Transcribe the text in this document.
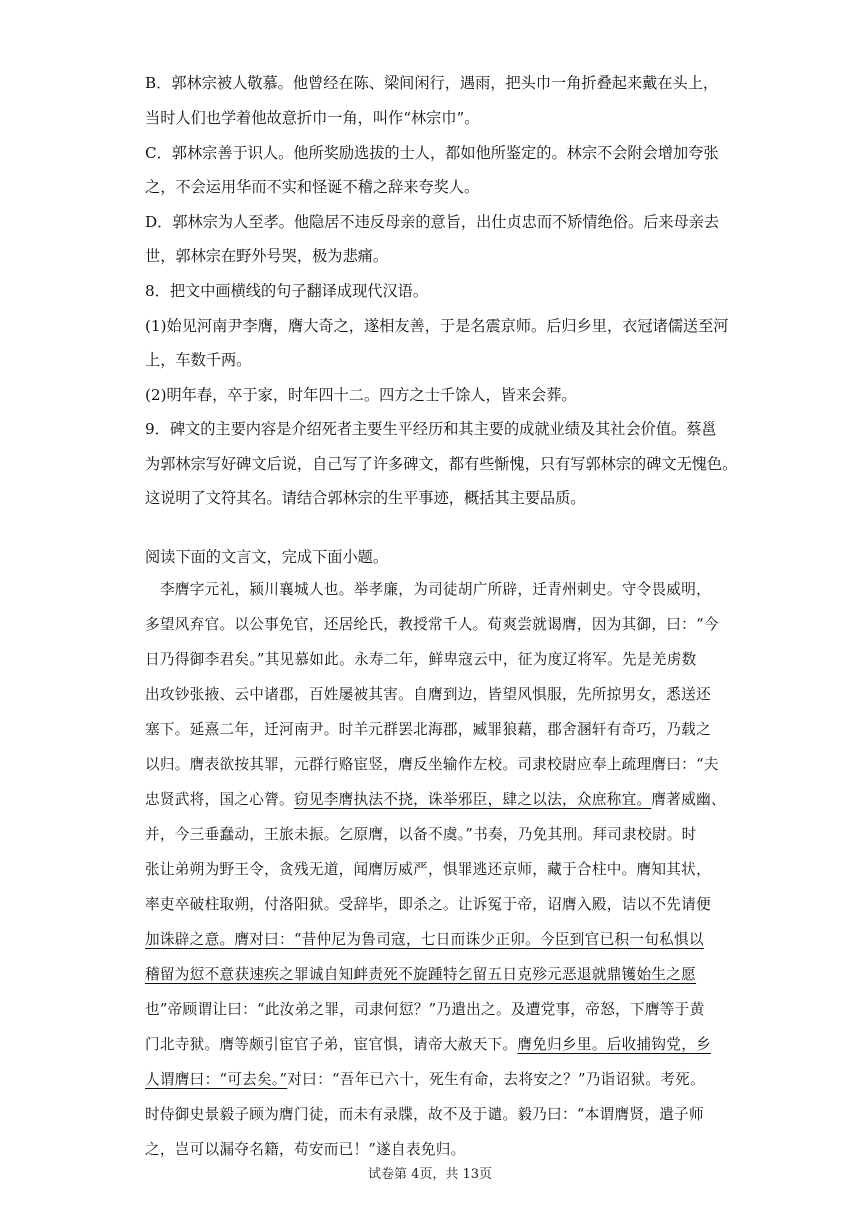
B．郭林宗被人敬慕。他曾经在陈、梁间闲行，遇雨，把头巾一角折叠起来戴在头上，
当时人们也学着他故意折巾一角，叫作“林宗巾”。
C．郭林宗善于识人。他所奖励选拔的士人，都如他所鉴定的。林宗不会附会增加夸张
之，不会运用华而不实和怪诞不稽之辞来夸奖人。
D．郭林宗为人至孝。他隐居不违反母亲的意旨，出仕贞忠而不矫情绝俗。后来母亲去
世，郭林宗在野外号哭，极为悲痛。
8．把文中画横线的句子翻译成现代汉语。
(1)始见河南尹李膺，膺大奇之，遂相友善，于是名震京师。后归乡里，衣冠诸儒送至河
上，车数千两。
(2)明年春，卒于家，时年四十二。四方之士千馀人，皆来会葬。
9．碑文的主要内容是介绍死者主要生平经历和其主要的成就业绩及其社会价值。蔡邕
为郭林宗写好碑文后说，自己写了许多碑文，都有些惭愧，只有写郭林宗的碑文无愧色。
这说明了文符其名。请结合郭林宗的生平事迹，概括其主要品质。
阅读下面的文言文，完成下面小题。
李膺字元礼，颍川襄城人也。举孝廉，为司徒胡广所辟，迁青州刺史。守令畏威明，
多望风弃官。以公事免官，还居纶氏，教授常千人。荀爽尝就谒膺，因为其御，曰：“今
日乃得御李君矣。”其见慕如此。永寿二年，鲜卑寇云中，征为度辽将军。先是羌虏数
出攻钞张掖、云中诸郡，百姓屡被其害。自膺到边，皆望风惧服，先所掠男女，悉送还
塞下。延熹二年，迁河南尹。时羊元群罢北海郡，臧罪狼藉，郡舍溷轩有奇巧，乃载之
以归。膺表欲按其罪，元群行赂宦竖，膺反坐输作左校。司隶校尉应奉上疏理膺曰：“夫
忠贤武将，国之心膂。窃见李膺执法不挠，诛举邪臣，肆之以法，众庶称宜。膺著威幽、
并，今三垂蠢动，王旅未振。乞原膺，以备不虞。”书奏，乃免其刑。拜司隶校尉。时
张让弟朔为野王令，贪残无道，闻膺厉威严，惧罪逃还京师，藏于合柱中。膺知其状，
率吏卒破柱取朔，付洛阳狱。受辞毕，即杀之。让诉冤于帝，诏膺入殿，诘以不先请便
加诛辟之意。膺对曰：“昔仲尼为鲁司寇，七日而诛少正卯。今臣到官已积一旬私惧以
稽留为愆不意获速疾之罪诚自知衅责死不旋踵特乞留五日克殄元恶退就鼎镬始生之愿
也”帝顾谓让曰：“此汝弟之罪，司隶何愆？”乃遣出之。及遭党事，帝怒，下膺等于黄
门北寺狱。膺等颇引宦官子弟，宦官惧，请帝大赦天下。膺免归乡里。后收捕钩党，乡
人谓膺曰：“可去矣。”对曰：“吾年已六十，死生有命，去将安之？”乃诣诏狱。考死。
时侍御史景毅子顾为膺门徒，而未有录牒，故不及于谴。毅乃曰：“本谓膺贤，遣子师
之，岂可以漏夺名籍，苟安而已！”遂自表免归。
试卷第 4页，共 13页
